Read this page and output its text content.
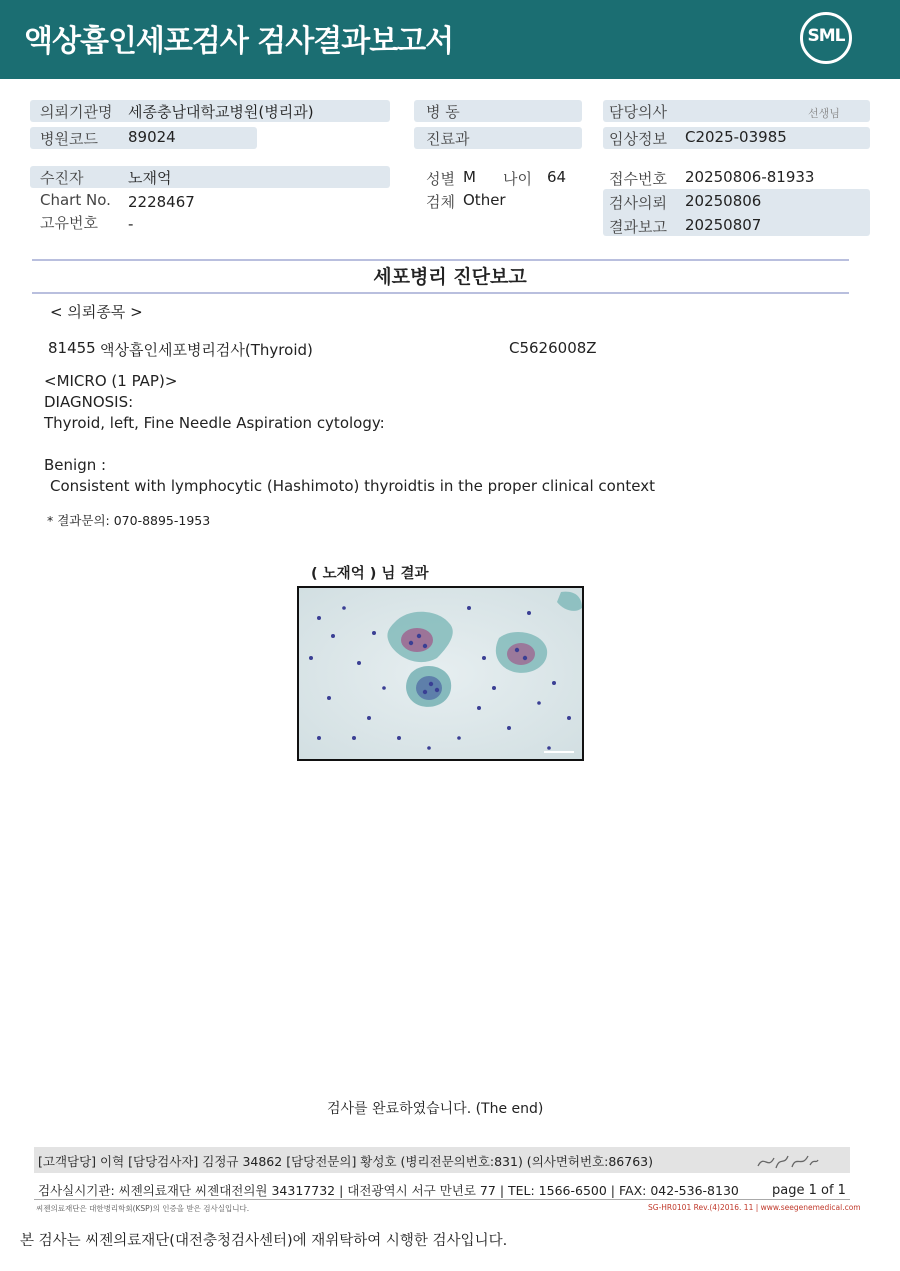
액상흡인세포검사 검사결과보고서	SML
의뢰기관명 세종충남대학교병원(병리과)
병원코드 89024
병 동
진료과
담당의사	선생님
임상정보 C2025-03985
수진자	노재억
Chart No. 2228467
고유번호 -
성별 M 나이 64
검체 Other
접수번호 20250806-81933
검사의뢰 20250806
결과보고 20250807
세포병리 진단보고
< 의뢰종목 >
81455 액상흡인세포병리검사(Thyroid)	C5626008Z
<MICRO (1 PAP)>
DIAGNOSIS:
Thyroid, left, Fine Needle Aspiration cytology:
Benign :
Consistent with lymphocytic (Hashimoto) thyroidtis in the proper clinical context
* 결과문의: 070-8895-1953
( 노재억 ) 님 결과
검사를 완료하였습니다. (The end)
[고객담당] 이혁 [담당검사자] 김정규 34862 [담당전문의] 황성호 (병리전문의번호:831) (의사면허번호:86763)
검사실시기관: 씨젠의료재단 씨젠대전의원 34317732 | 대전광역시 서구 만년로 77 | TEL: 1566-6500 | FAX: 042-536-8130	page 1 of 1
씨젠의료재단은 대한병리학회(KSP)의 인증을 받은 검사실입니다.	SG-HR0101 Rev.(4)2016. 11 | www.seegenemedical.com
본 검사는 씨젠의료재단(대전충청검사센터)에 재위탁하여 시행한 검사입니다.
